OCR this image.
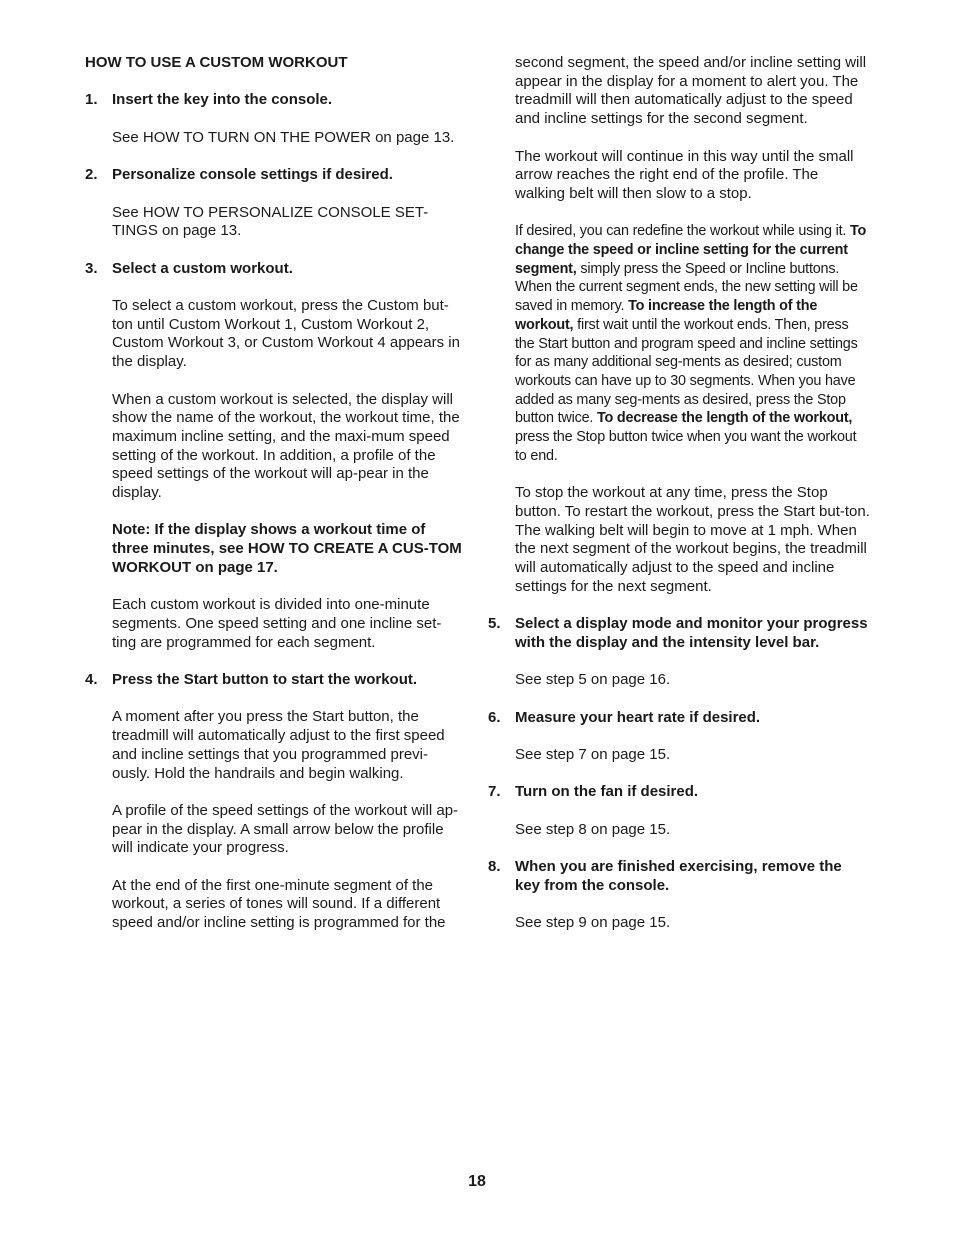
HOW TO USE A CUSTOM WORKOUT

1. Insert the key into the console.

See HOW TO TURN ON THE POWER on page 13.

2. Personalize console settings if desired.

See HOW TO PERSONALIZE CONSOLE SET-TINGS on page 13.

3. Select a custom workout.

To select a custom workout, press the Custom but-ton until Custom Workout 1, Custom Workout 2, Custom Workout 3, or Custom Workout 4 appears in the display.

When a custom workout is selected, the display will show the name of the workout, the workout time, the maximum incline setting, and the maxi-mum speed setting of the workout. In addition, a profile of the speed settings of the workout will ap-pear in the display.

Note: If the display shows a workout time of three minutes, see HOW TO CREATE A CUS-TOM WORKOUT on page 17.

Each custom workout is divided into one-minute segments. One speed setting and one incline set-ting are programmed for each segment.

4. Press the Start button to start the workout.

A moment after you press the Start button, the treadmill will automatically adjust to the first speed and incline settings that you programmed previ-ously. Hold the handrails and begin walking.

A profile of the speed settings of the workout will ap-pear in the display. A small arrow below the profile will indicate your progress.

At the end of the first one-minute segment of the workout, a series of tones will sound. If a different speed and/or incline setting is programmed for the

second segment, the speed and/or incline setting will appear in the display for a moment to alert you. The treadmill will then automatically adjust to the speed and incline settings for the second segment.

The workout will continue in this way until the small arrow reaches the right end of the profile. The walking belt will then slow to a stop.

If desired, you can redefine the workout while using it. To change the speed or incline setting for the current segment, simply press the Speed or Incline buttons. When the current segment ends, the new setting will be saved in memory. To increase the length of the workout, first wait until the workout ends. Then, press the Start button and program speed and incline settings for as many additional seg-ments as desired; custom workouts can have up to 30 segments. When you have added as many seg-ments as desired, press the Stop button twice. To decrease the length of the workout, press the Stop button twice when you want the workout to end.

To stop the workout at any time, press the Stop button. To restart the workout, press the Start but-ton. The walking belt will begin to move at 1 mph. When the next segment of the workout begins, the treadmill will automatically adjust to the speed and incline settings for the next segment.

5. Select a display mode and monitor your progress with the display and the intensity level bar.

See step 5 on page 16.

6. Measure your heart rate if desired.

See step 7 on page 15.

7. Turn on the fan if desired.

See step 8 on page 15.

8. When you are finished exercising, remove the key from the console.

See step 9 on page 15.

18
